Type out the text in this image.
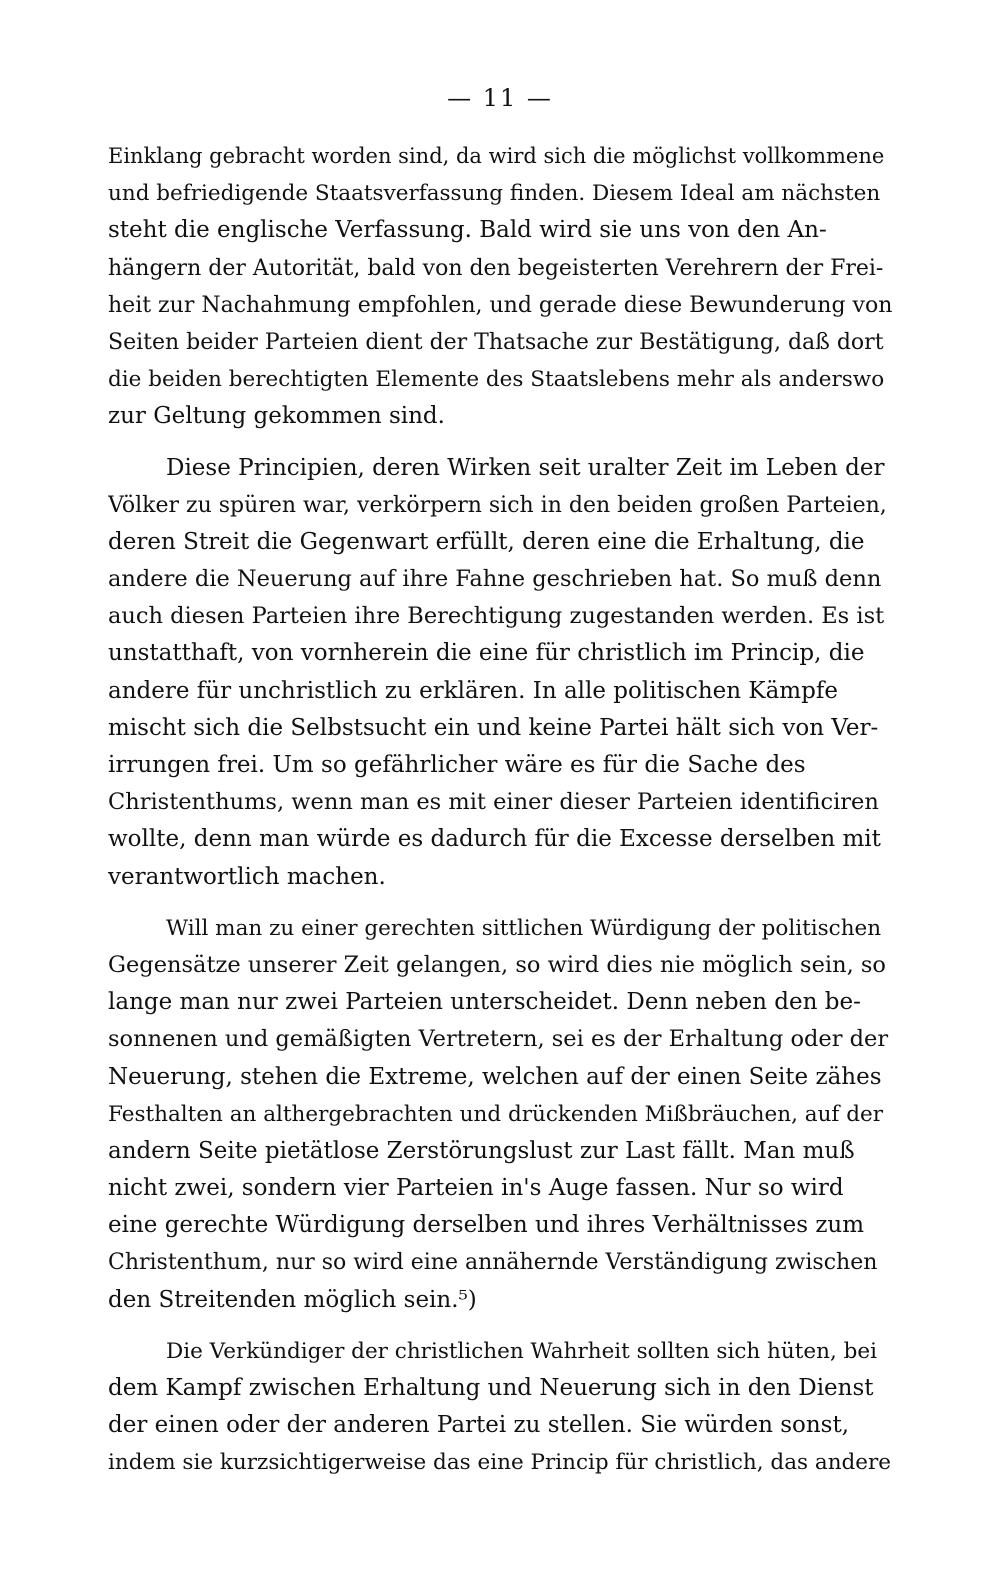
— 11 —
Einklang gebracht worden sind, da wird sich die möglichst vollkommene
und befriedigende Staatsverfassung finden. Diesem Ideal am nächsten
steht die englische Verfassung. Bald wird sie uns von den An-
hängern der Autorität, bald von den begeisterten Verehrern der Frei-
heit zur Nachahmung empfohlen, und gerade diese Bewunderung von
Seiten beider Parteien dient der Thatsache zur Bestätigung, daß dort
die beiden berechtigten Elemente des Staatslebens mehr als anderswo
zur Geltung gekommen sind.
Diese Principien, deren Wirken seit uralter Zeit im Leben der
Völker zu spüren war, verkörpern sich in den beiden großen Parteien,
deren Streit die Gegenwart erfüllt, deren eine die Erhaltung, die
andere die Neuerung auf ihre Fahne geschrieben hat. So muß denn
auch diesen Parteien ihre Berechtigung zugestanden werden. Es ist
unstatthaft, von vornherein die eine für christlich im Princip, die
andere für unchristlich zu erklären. In alle politischen Kämpfe
mischt sich die Selbstsucht ein und keine Partei hält sich von Ver-
irrungen frei. Um so gefährlicher wäre es für die Sache des
Christenthums, wenn man es mit einer dieser Parteien identificiren
wollte, denn man würde es dadurch für die Excesse derselben mit
verantwortlich machen.
Will man zu einer gerechten sittlichen Würdigung der politischen
Gegensätze unserer Zeit gelangen, so wird dies nie möglich sein, so
lange man nur zwei Parteien unterscheidet. Denn neben den be-
sonnenen und gemäßigten Vertretern, sei es der Erhaltung oder der
Neuerung, stehen die Extreme, welchen auf der einen Seite zähes
Festhalten an althergebrachten und drückenden Mißbräuchen, auf der
andern Seite pietätlose Zerstörungslust zur Last fällt. Man muß
nicht zwei, sondern vier Parteien in's Auge fassen. Nur so wird
eine gerechte Würdigung derselben und ihres Verhältnisses zum
Christenthum, nur so wird eine annähernde Verständigung zwischen
den Streitenden möglich sein.⁵)
Die Verkündiger der christlichen Wahrheit sollten sich hüten, bei
dem Kampf zwischen Erhaltung und Neuerung sich in den Dienst
der einen oder der anderen Partei zu stellen. Sie würden sonst,
indem sie kurzsichtigerweise das eine Princip für christlich, das andere
